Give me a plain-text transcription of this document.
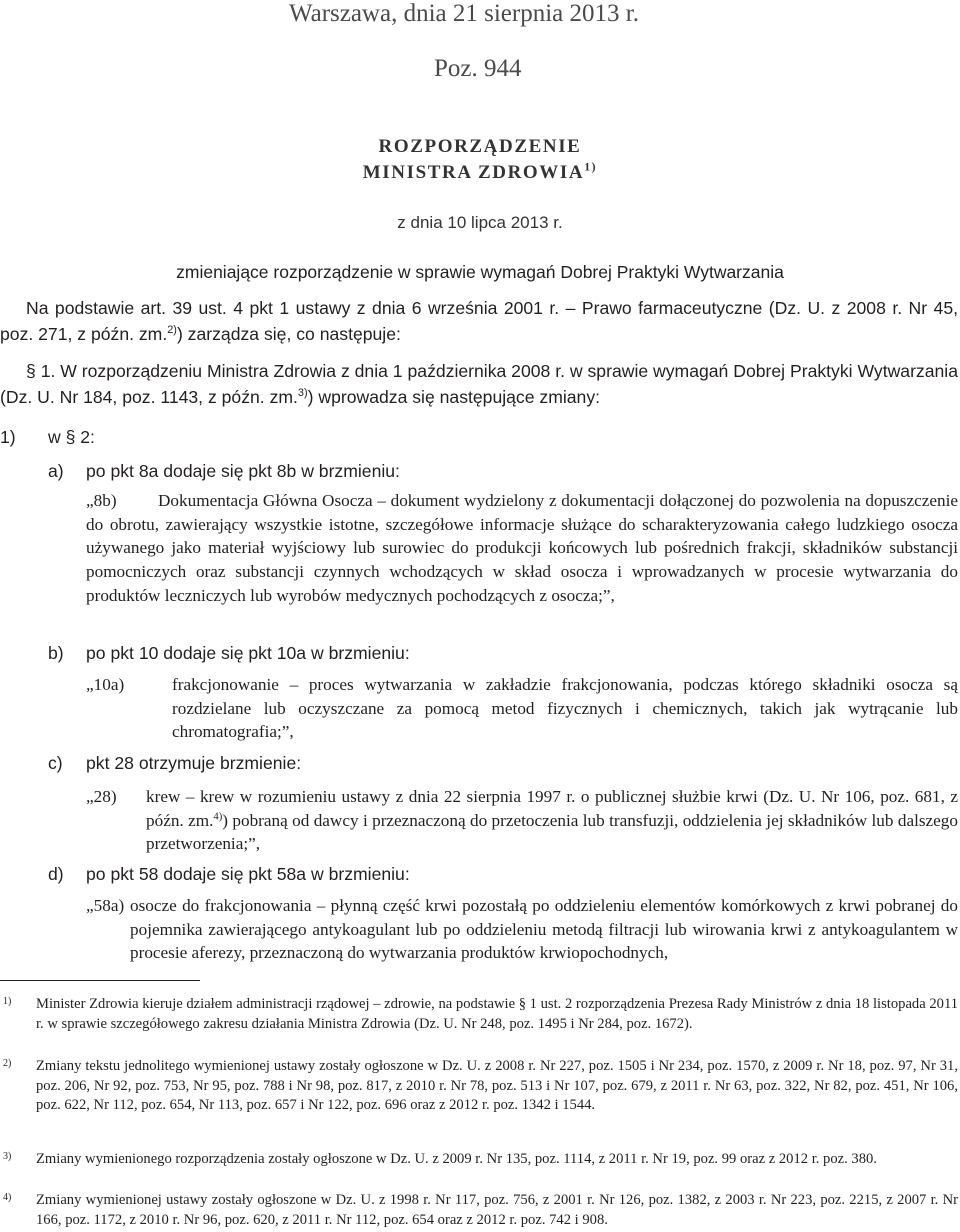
Warszawa, dnia 21 sierpnia 2013 r.
Poz. 944
ROZPORZĄDZENIE
MINISTRA ZDROWIA$^{1)}$
z dnia 10 lipca 2013 r.
zmieniające rozporządzenie w sprawie wymagań Dobrej Praktyki Wytwarzania
Na podstawie art. 39 ust. 4 pkt 1 ustawy z dnia 6 września 2001 r. – Prawo farmaceutyczne (Dz. U. z 2008 r. Nr 45, poz. 271, z późn. zm.$^{2)}$) zarządza się, co następuje:
§ 1. W rozporządzeniu Ministra Zdrowia z dnia 1 października 2008 r. w sprawie wymagań Dobrej Praktyki Wytwarzania (Dz. U. Nr 184, poz. 1143, z późn. zm.$^{3)}$) wprowadza się następujące zmiany:
1) w § 2:
a) po pkt 8a dodaje się pkt 8b w brzmieniu:
„8b)	Dokumentacja Główna Osocza – dokument wydzielony z dokumentacji dołączonej do pozwolenia na dopuszczenie do obrotu, zawierający wszystkie istotne, szczegółowe informacje służące do scharakteryzowania całego ludzkiego osocza używanego jako materiał wyjściowy lub surowiec do produkcji końcowych lub pośrednich frakcji, składników substancji pomocniczych oraz substancji czynnych wchodzących w skład osocza i wprowadzanych w procesie wytwarzania do produktów leczniczych lub wyrobów medycznych pochodzących z osocza;”,
b) po pkt 10 dodaje się pkt 10a w brzmieniu:
„10a)	frakcjonowanie – proces wytwarzania w zakładzie frakcjonowania, podczas którego składniki osocza są rozdzielane lub oczyszczane za pomocą metod fizycznych i chemicznych, takich jak wytrącanie lub chromatografia;”,
c) pkt 28 otrzymuje brzmienie:
„28) krew – krew w rozumieniu ustawy z dnia 22 sierpnia 1997 r. o publicznej służbie krwi (Dz. U. Nr 106, poz. 681, z późn. zm.$^{4)}$) pobraną od dawcy i przeznaczoną do przetoczenia lub transfuzji, oddzielenia jej składników lub dalszego przetworzenia;”,
d) po pkt 58 dodaje się pkt 58a w brzmieniu:
„58a) osocze do frakcjonowania – płynną część krwi pozostałą po oddzieleniu elementów komórkowych z krwi pobranej do pojemnika zawierającego antykoagulant lub po oddzieleniu metodą filtracji lub wirowania krwi z antykoagulantem w procesie aferezy, przeznaczoną do wytwarzania produktów krwiopochodnych,
1) Minister Zdrowia kieruje działem administracji rządowej – zdrowie, na podstawie § 1 ust. 2 rozporządzenia Prezesa Rady Ministrów z dnia 18 listopada 2011 r. w sprawie szczegółowego zakresu działania Ministra Zdrowia (Dz. U. Nr 248, poz. 1495 i Nr 284, poz. 1672).
2) Zmiany tekstu jednolitego wymienionej ustawy zostały ogłoszone w Dz. U. z 2008 r. Nr 227, poz. 1505 i Nr 234, poz. 1570, z 2009 r. Nr 18, poz. 97, Nr 31, poz. 206, Nr 92, poz. 753, Nr 95, poz. 788 i Nr 98, poz. 817, z 2010 r. Nr 78, poz. 513 i Nr 107, poz. 679, z 2011 r. Nr 63, poz. 322, Nr 82, poz. 451, Nr 106, poz. 622, Nr 112, poz. 654, Nr 113, poz. 657 i Nr 122, poz. 696 oraz z 2012 r. poz. 1342 i 1544.
3) Zmiany wymienionego rozporządzenia zostały ogłoszone w Dz. U. z 2009 r. Nr 135, poz. 1114, z 2011 r. Nr 19, poz. 99 oraz z 2012 r. poz. 380.
4) Zmiany wymienionej ustawy zostały ogłoszone w Dz. U. z 1998 r. Nr 117, poz. 756, z 2001 r. Nr 126, poz. 1382, z 2003 r. Nr 223, poz. 2215, z 2007 r. Nr 166, poz. 1172, z 2010 r. Nr 96, poz. 620, z 2011 r. Nr 112, poz. 654 oraz z 2012 r. poz. 742 i 908.
